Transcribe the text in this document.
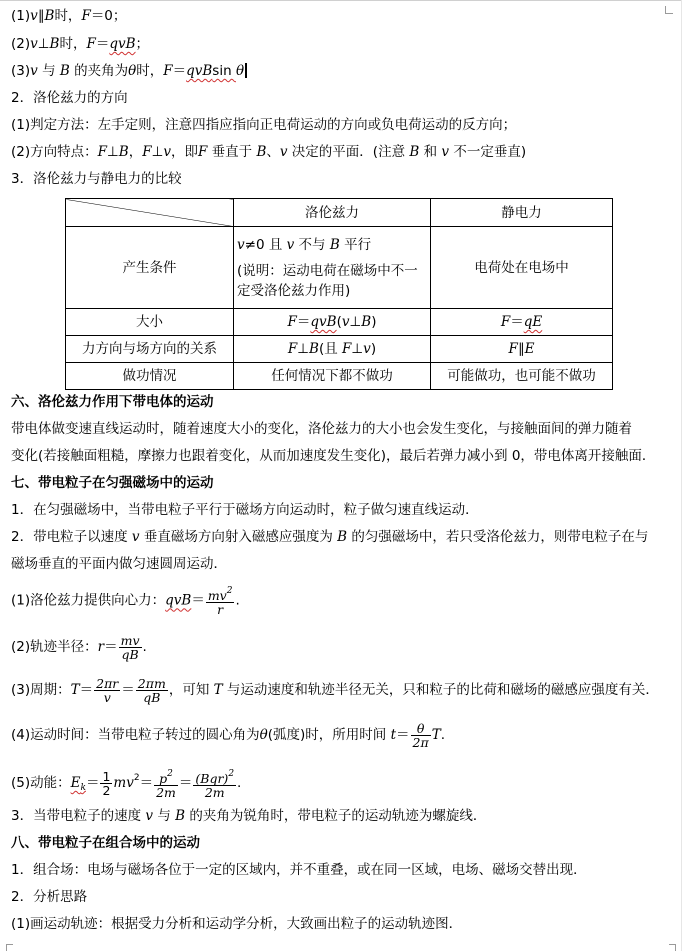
(1)v∥B时，F＝0；
(2)v⊥B时，F＝qvB；
(3)v 与 B 的夹角为θ时，F＝qvBsin θ
2．洛伦兹力的方向
(1)判定方法：左手定则，注意四指应指向正电荷运动的方向或负电荷运动的反方向；
(2)方向特点：F⊥B，F⊥v，即F 垂直于 B、v 决定的平面．(注意 B 和 v 不一定垂直)
3．洛伦兹力与静电力的比较
	洛伦兹力	静电力
产生条件	v≠0 且 v 不与 B 平行
(说明：运动电荷在磁场中不一
定受洛伦兹力作用)	电荷处在电场中
大小	F＝qvB(v⊥B)	F＝qE
力方向与场方向的关系	F⊥B(且 F⊥v)	F∥E
做功情况	任何情况下都不做功	可能做功，也可能不做功
六、洛伦兹力作用下带电体的运动
带电体做变速直线运动时，随着速度大小的变化，洛伦兹力的大小也会发生变化，与接触面间的弹力随着
变化(若接触面粗糙，摩擦力也跟着变化，从而加速度发生变化)，最后若弹力减小到 0，带电体离开接触面．
七、带电粒子在匀强磁场中的运动
1．在匀强磁场中，当带电粒子平行于磁场方向运动时，粒子做匀速直线运动．
2．带电粒子以速度 v 垂直磁场方向射入磁感应强度为 B 的匀强磁场中，若只受洛伦兹力，则带电粒子在与
磁场垂直的平面内做匀速圆周运动．
(1)洛伦兹力提供向心力：$qvB= \frac{mv^2}{r}$ .
(2)轨迹半径：$r= \frac{mv}{qB}$ .
(3)周期：$T= \frac{2\pi r}{v} = \frac{2\pi m}{qB}$ ，可知 T 与运动速度和轨迹半径无关，只和粒子的比荷和磁场的磁感应强度有关．
(4)运动时间：当带电粒子转过的圆心角为θ(弧度)时，所用时间 $t= \frac{\theta}{2\pi} T$.
(5)动能：$E_k= \frac{1}{2} mv^2= \frac{p^2}{2m} = \frac{(Bqr)^2}{2m}$ .
3．当带电粒子的速度 v 与 B 的夹角为锐角时，带电粒子的运动轨迹为螺旋线．
八、带电粒子在组合场中的运动
1．组合场：电场与磁场各位于一定的区域内，并不重叠，或在同一区域，电场、磁场交替出现．
2．分析思路
(1)画运动轨迹：根据受力分析和运动学分析，大致画出粒子的运动轨迹图．
